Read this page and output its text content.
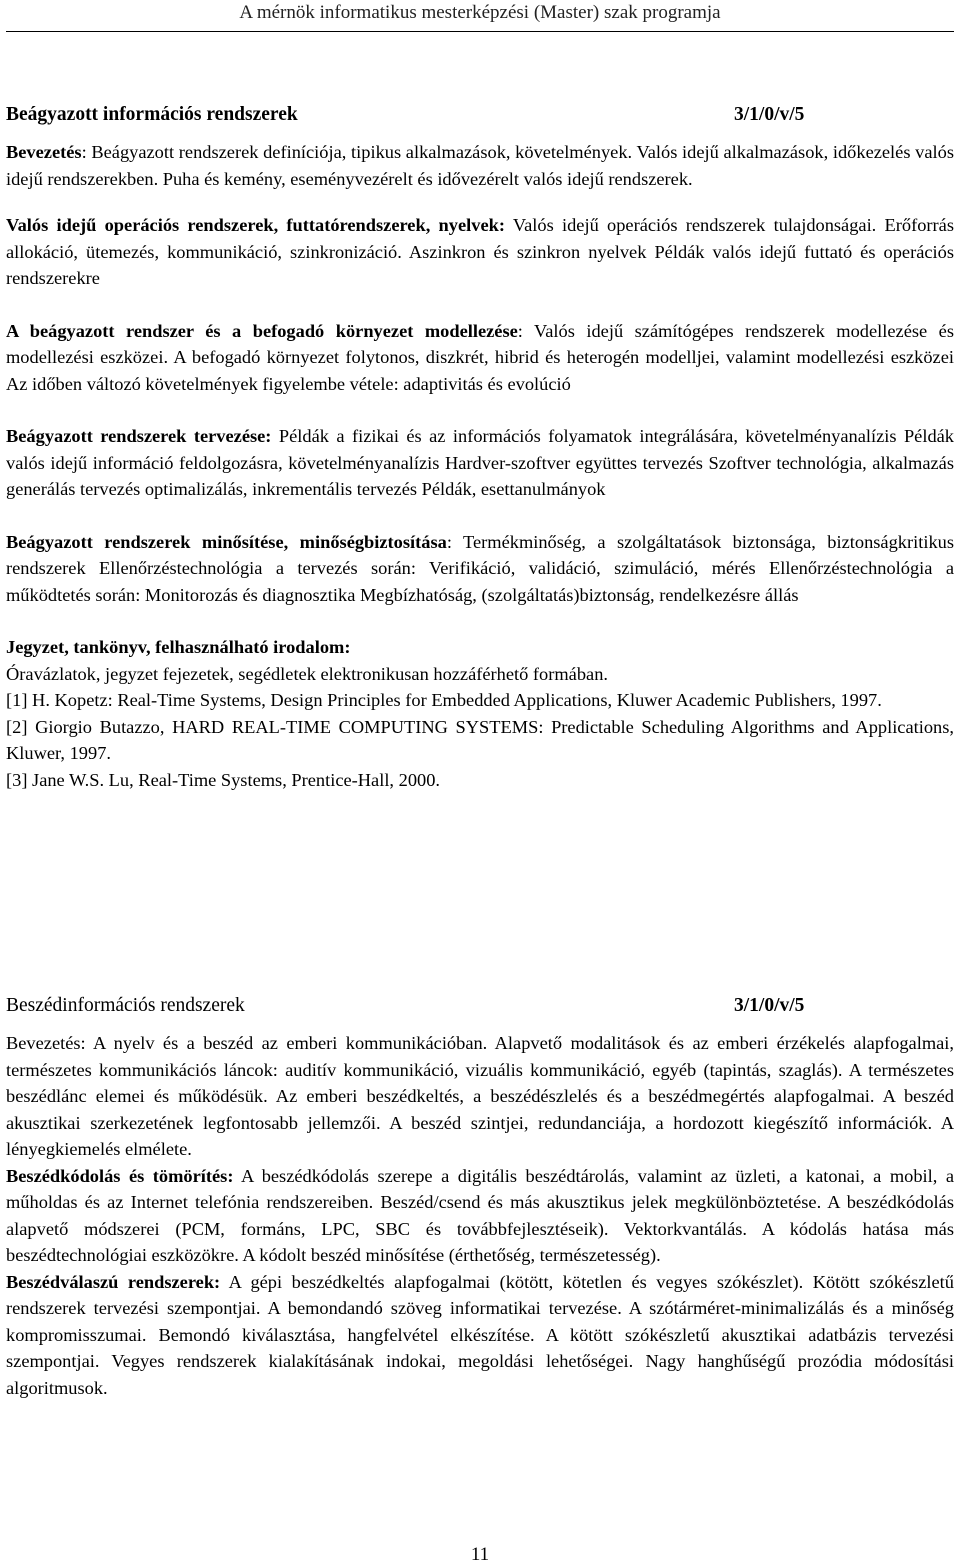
A mérnök informatikus mesterképzési (Master) szak programja
Beágyazott információs rendszerek	3/1/0/v/5

Bevezetés: Beágyazott rendszerek definíciója, tipikus alkalmazások, követelmények. Valós idejű alkalmazások, időkezelés valós idejű rendszerekben. Puha és kemény, eseményvezérelt és idővezérelt valós idejű rendszerek.

Valós idejű operációs rendszerek, futtatórendszerek, nyelvek: Valós idejű operációs rendszerek tulajdonságai. Erőforrás allokáció, ütemezés, kommunikáció, szinkronizáció. Aszinkron és szinkron nyelvek Példák valós idejű futtató és operációs rendszerekre

A beágyazott rendszer és a befogadó környezet modellezése: Valós idejű számítógépes rendszerek modellezése és modellezési eszközei. A befogadó környezet folytonos, diszkrét, hibrid és heterogén modelljei, valamint modellezési eszközei Az időben változó követelmények figyelembe vétele: adaptivitás és evolúció

Beágyazott rendszerek tervezése: Példák a fizikai és az információs folyamatok integrálására, követelményanalízis Példák valós idejű információ feldolgozásra, követelményanalízis Hardver-szoftver együttes tervezés Szoftver technológia, alkalmazás generálás tervezés optimalizálás, inkrementális tervezés Példák, esettanulmányok

Beágyazott rendszerek minősítése, minőségbiztosítása: Termékminőség, a szolgáltatások biztonsága, biztonságkritikus rendszerek Ellenőrzéstechnológia a tervezés során: Verifikáció, validáció, szimuláció, mérés Ellenőrzéstechnológia a működtetés során: Monitorozás és diagnosztika Megbízhatóság, (szolgáltatás)biztonság, rendelkezésre állás

Jegyzet, tankönyv, felhasználható irodalom:

Óravázlatok, jegyzet fejezetek, segédletek elektronikusan hozzáférhető formában.

[1] H. Kopetz: Real-Time Systems, Design Principles for Embedded Applications, Kluwer Academic Publishers, 1997.

[2] Giorgio Butazzo, HARD REAL-TIME COMPUTING SYSTEMS: Predictable Scheduling Algorithms and Applications, Kluwer, 1997.

[3] Jane W.S. Lu, Real-Time Systems, Prentice-Hall, 2000.

Beszédinformációs rendszerek	3/1/0/v/5

Bevezetés: A nyelv és a beszéd az emberi kommunikációban. Alapvető modalitások és az emberi érzékelés alapfogalmai, természetes kommunikációs láncok: auditív kommunikáció, vizuális kommunikáció, egyéb (tapintás, szaglás). A természetes beszédlánc elemei és működésük. Az emberi beszédkeltés, a beszédészlelés és a beszédmegértés alapfogalmai. A beszéd akusztikai szerkezetének legfontosabb jellemzői. A beszéd szintjei, redundanciája, a hordozott kiegészítő információk. A lényegkiemelés elmélete.

Beszédkódolás és tömörítés: A beszédkódolás szerepe a digitális beszédtárolás, valamint az üzleti, a katonai, a mobil, a műholdas és az Internet telefónia rendszereiben. Beszéd/csend és más akusztikus jelek megkülönböztetése. A beszédkódolás alapvető módszerei (PCM, formáns, LPC, SBC és továbbfejlesztéseik). Vektorkvantálás. A kódolás hatása más beszédtechnológiai eszközökre. A kódolt beszéd minősítése (érthetőség, természetesség).

Beszédválaszú rendszerek: A gépi beszédkeltés alapfogalmai (kötött, kötetlen és vegyes szókészlet). Kötött szókészletű rendszerek tervezési szempontjai. A bemondandó szöveg informatikai tervezése. A szótárméret-minimalizálás és a minőség kompromisszumai. Bemondó kiválasztása, hangfelvétel elkészítése. A kötött szókészletű akusztikai adatbázis tervezési szempontjai. Vegyes rendszerek kialakításának indokai, megoldási lehetőségei. Nagy hanghűségű prozódia módosítási algoritmusok.

11
